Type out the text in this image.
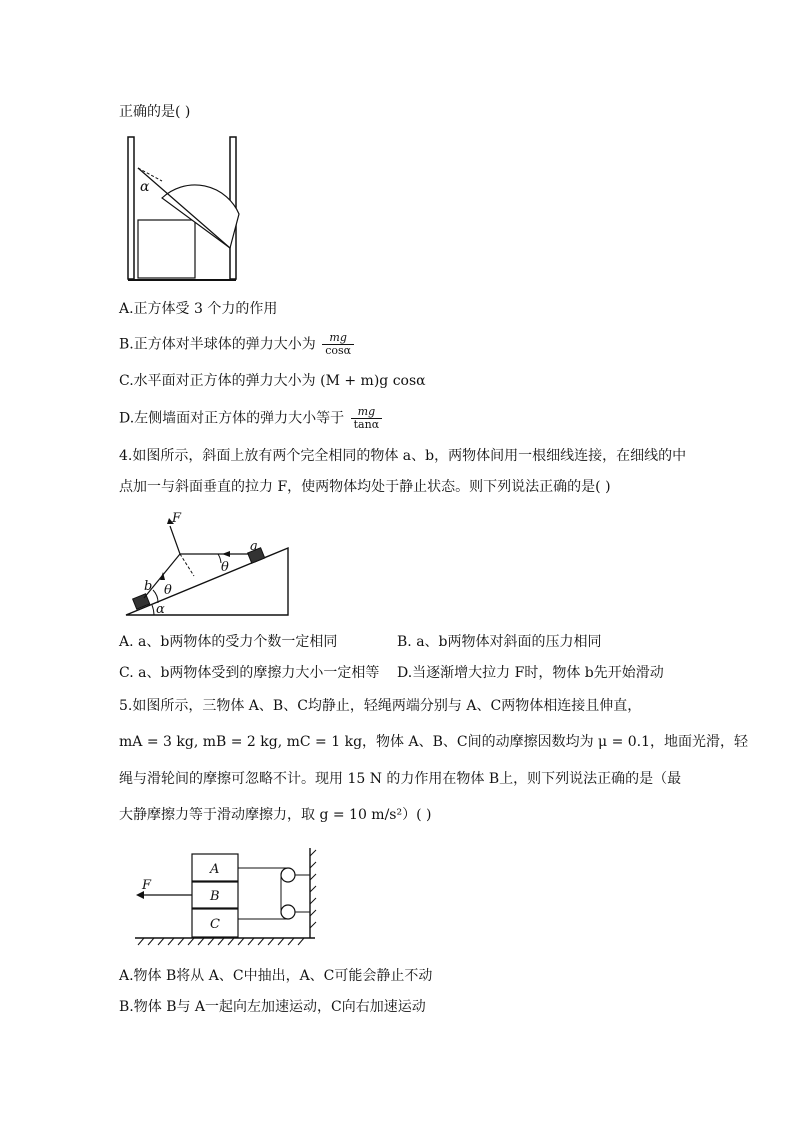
正确的是( )
α
A.正方体受 3 个力的作用
B.正方体对半球体的弹力大小为 $\frac{mg}{\cos\alpha}$
C.水平面对正方体的弹力大小为 (M + m)g cosα
D.左侧墙面对正方体的弹力大小等于 $\frac{mg}{\tan\alpha}$
4.如图所示，斜面上放有两个完全相同的物体 a、b，两物体间用一根细线连接，在细线的中
点加一与斜面垂直的拉力 F，使两物体均处于静止状态。则下列说法正确的是( )
F
a
b
θ
θ
α
A. a、b两物体的受力个数一定相同	B. a、b两物体对斜面的压力相同
C. a、b两物体受到的摩擦力大小一定相等 D.当逐渐增大拉力 F时，物体 b先开始滑动
5.如图所示，三物体 A、B、C均静止，轻绳两端分别与 A、C两物体相连接且伸直，
mA = 3 kg, mB = 2 kg, mC = 1 kg，物体 A、B、C间的动摩擦因数均为 μ = 0.1，地面光滑，轻
绳与滑轮间的摩擦可忽略不计。现用 15 N 的力作用在物体 B上，则下列说法正确的是（最
大静摩擦力等于滑动摩擦力，取 g = 10 m/s²）( )
A
B
C
F
A.物体 B将从 A、C中抽出，A、C可能会静止不动
B.物体 B与 A一起向左加速运动，C向右加速运动
